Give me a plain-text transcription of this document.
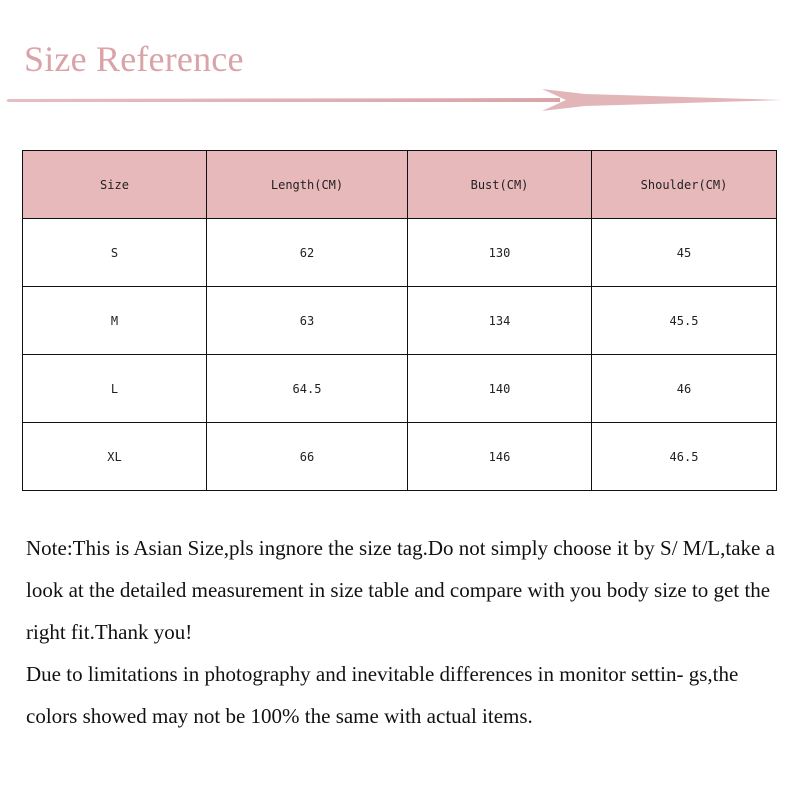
Size Reference
Size	Length(CM)	Bust(CM)	Shoulder(CM)
S	62	130	45
M	63	134	45.5
L	64.5	140	46
XL	66	146	46.5

Note:This is Asian Size,pls ingnore the size tag.Do not simply choose it by S/ M/L,take a look at the detailed measurement in size table and compare with you body size to get the right fit.Thank you!

Due to limitations in photography and inevitable differences in monitor settin- gs,the colors showed may not be 100% the same with actual items.
